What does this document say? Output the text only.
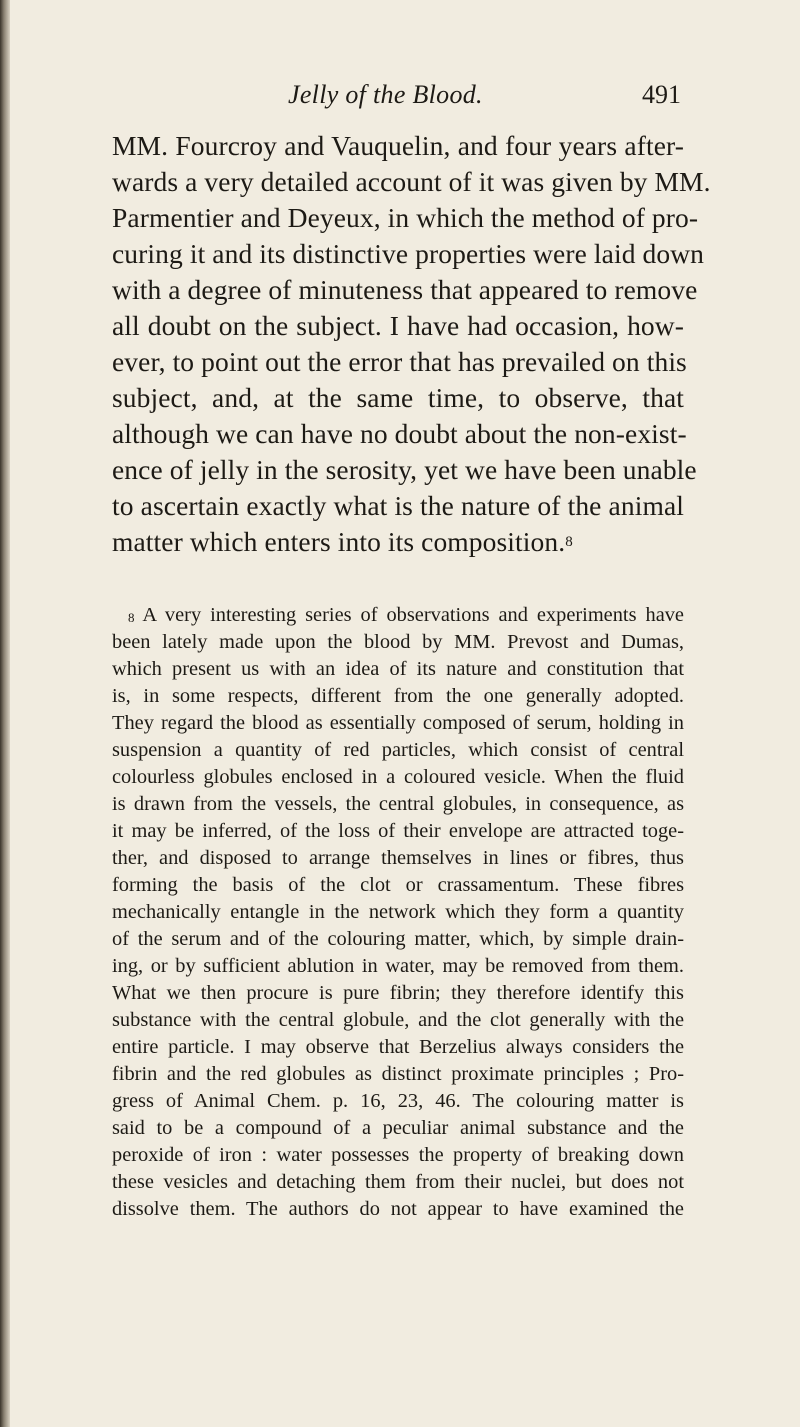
Jelly of the Blood.	491
MM. Fourcroy and Vauquelin, and four years after-
wards a very detailed account of it was given by MM.
Parmentier and Deyeux, in which the method of pro-
curing it and its distinctive properties were laid down
with a degree of minuteness that appeared to remove
all doubt on the subject. I have had occasion, how-
ever, to point out the error that has prevailed on this
subject, and, at the same time, to observe, that
although we can have no doubt about the non-exist-
ence of jelly in the serosity, yet we have been unable
to ascertain exactly what is the nature of the animal
matter which enters into its composition.$^8$
$^8$ A very interesting series of observations and experiments have
been lately made upon the blood by MM. Prevost and Dumas,
which present us with an idea of its nature and constitution that
is, in some respects, different from the one generally adopted.
They regard the blood as essentially composed of serum, holding in
suspension a quantity of red particles, which consist of central
colourless globules enclosed in a coloured vesicle. When the fluid
is drawn from the vessels, the central globules, in consequence, as
it may be inferred, of the loss of their envelope are attracted toge-
ther, and disposed to arrange themselves in lines or fibres, thus
forming the basis of the clot or crassamentum. These fibres
mechanically entangle in the network which they form a quantity
of the serum and of the colouring matter, which, by simple drain-
ing, or by sufficient ablution in water, may be removed from them.
What we then procure is pure fibrin; they therefore identify this
substance with the central globule, and the clot generally with the
entire particle. I may observe that Berzelius always considers the
fibrin and the red globules as distinct proximate principles ; Pro-
gress of Animal Chem. p. 16, 23, 46. The colouring matter is
said to be a compound of a peculiar animal substance and the
peroxide of iron : water possesses the property of breaking down
these vesicles and detaching them from their nuclei, but does not
dissolve them. The authors do not appear to have examined the
